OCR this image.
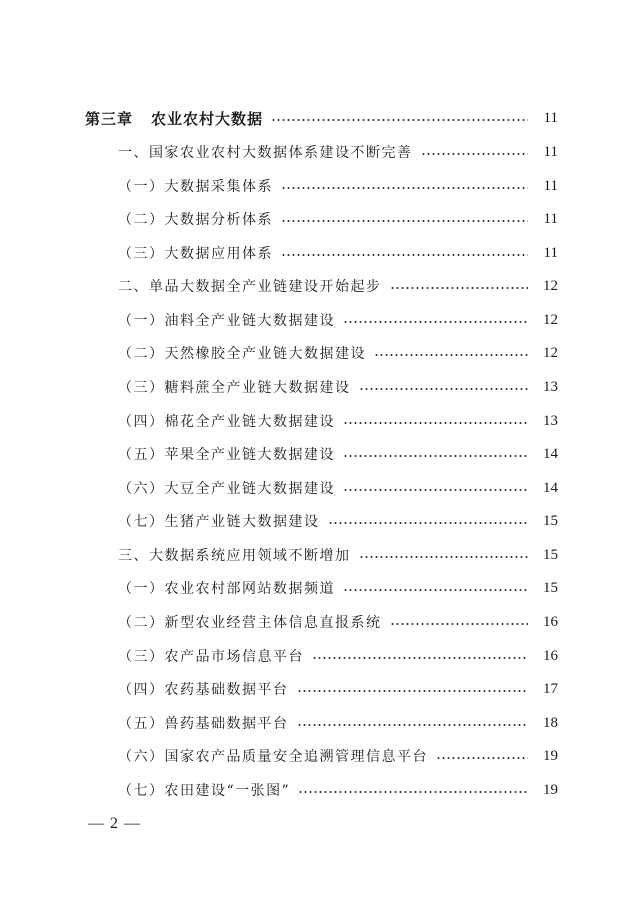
第三章 农业农村大数据	11
一、国家农业农村大数据体系建设不断完善	11
（一）大数据采集体系	11
（二）大数据分析体系	11
（三）大数据应用体系	11
二、单品大数据全产业链建设开始起步	12
（一）油料全产业链大数据建设	12
（二）天然橡胶全产业链大数据建设	12
（三）糖料蔗全产业链大数据建设	13
（四）棉花全产业链大数据建设	13
（五）苹果全产业链大数据建设	14
（六）大豆全产业链大数据建设	14
（七）生猪产业链大数据建设	15
三、大数据系统应用领域不断增加	15
（一）农业农村部网站数据频道	15
（二）新型农业经营主体信息直报系统	16
（三）农产品市场信息平台	16
（四）农药基础数据平台	17
（五）兽药基础数据平台	18
（六）国家农产品质量安全追溯管理信息平台	19
（七）农田建设“一张图”	19
— 2 —
